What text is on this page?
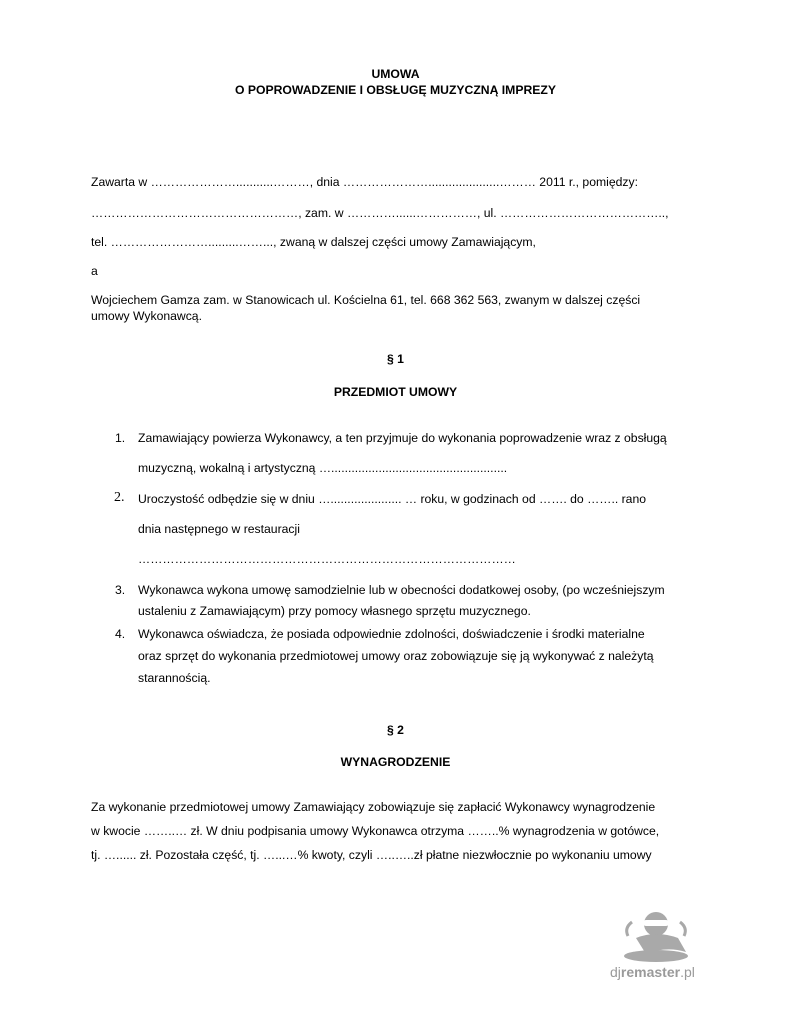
UMOWA
O POPROWADZENIE I OBSŁUGĘ MUZYCZNĄ IMPREZY
Zawarta w …………………...........………, dnia ………………….....................……… 2011 r., pomiędzy:
……………………………………………, zam. w …………......……………, ul. …………………………………..,
tel. …………………….........……..., zwaną w dalszej części umowy Zamawiającym,
a
Wojciechem Gamza zam. w Stanowicach ul. Kościelna 61, tel. 668 362 563, zwanym w dalszej części
umowy Wykonawcą.
§ 1
PRZEDMIOT UMOWY
1. Zamawiający powierza Wykonawcy, a ten przyjmuje do wykonania poprowadzenie wraz z obsługą
muzyczną, wokalną i artystyczną …....................................................
2. Uroczystość odbędzie się w dniu …..................... … roku, w godzinach od ……. do …….. rano
dnia następnego w restauracji
…………………………………………………………………………………
3. Wykonawca wykona umowę samodzielnie lub w obecności dodatkowej osoby, (po wcześniejszym
ustaleniu z Zamawiającym) przy pomocy własnego sprzętu muzycznego.
4. Wykonawca oświadcza, że posiada odpowiednie zdolności, doświadczenie i środki materialne
oraz sprzęt do wykonania przedmiotowej umowy oraz zobowiązuje się ją wykonywać z należytą
starannością.
§ 2
WYNAGRODZENIE
Za wykonanie przedmiotowej umowy Zamawiający zobowiązuje się zapłacić Wykonawcy wynagrodzenie
w kwocie ……..… zł. W dniu podpisania umowy Wykonawca otrzyma ……..% wynagrodzenia w gotówce,
tj. …...... zł. Pozostała część, tj. …...…% kwoty, czyli …..…..zł płatne niezwłocznie po wykonaniu umowy
djremaster.pl
